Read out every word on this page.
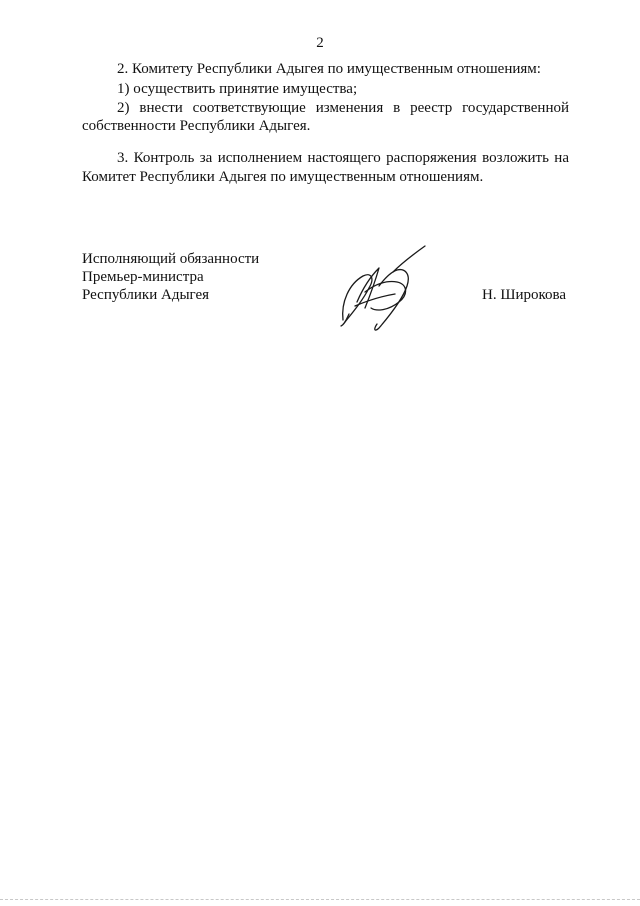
2
2. Комитету Республики Адыгея по имущественным отношениям:
1) осуществить принятие имущества;
2) внести соответствующие изменения в реестр государственной
собственности Республики Адыгея.
3. Контроль за исполнением настоящего распоряжения возложить на
Комитет Республики Адыгея по имущественным отношениям.
Исполняющий обязанности
Премьер-министра
Республики Адыгея	Н. Широкова
